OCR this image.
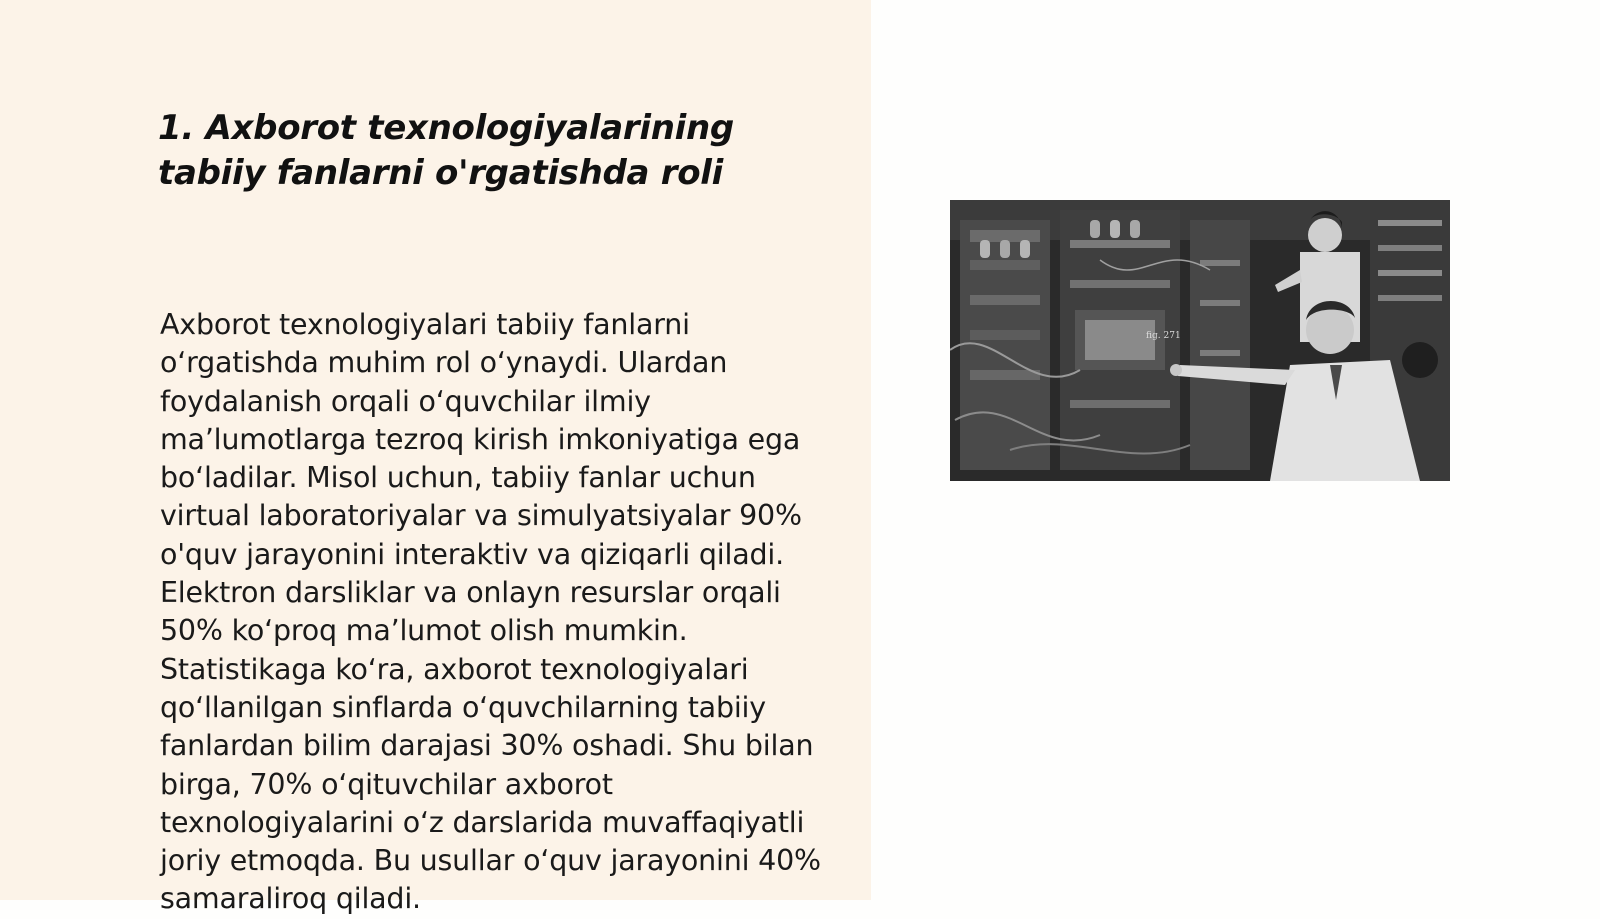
1. Axborot texnologiyalarining tabiiy fanlarni o'rgatishda roli

Axborot texnologiyalari tabiiy fanlarni oʻrgatishda muhim rol oʻynaydi. Ulardan foydalanish orqali oʻquvchilar ilmiy maʼlumotlarga tezroq kirish imkoniyatiga ega boʻladilar. Misol uchun, tabiiy fanlar uchun virtual laboratoriyalar va simulyatsiyalar 90% o'quv jarayonini interaktiv va qiziqarli qiladi. Elektron darsliklar va onlayn resurslar orqali 50% koʻproq maʼlumot olish mumkin. Statistikaga koʻra, axborot texnologiyalari qoʻllanilgan sinflarda oʻquvchilarning tabiiy fanlardan bilim darajasi 30% oshadi. Shu bilan birga, 70% oʻqituvchilar axborot texnologiyalarini oʻz darslarida muvaffaqiyatli joriy etmoqda. Bu usullar oʻquv jarayonini 40% samaraliroq qiladi.

fig. 271
